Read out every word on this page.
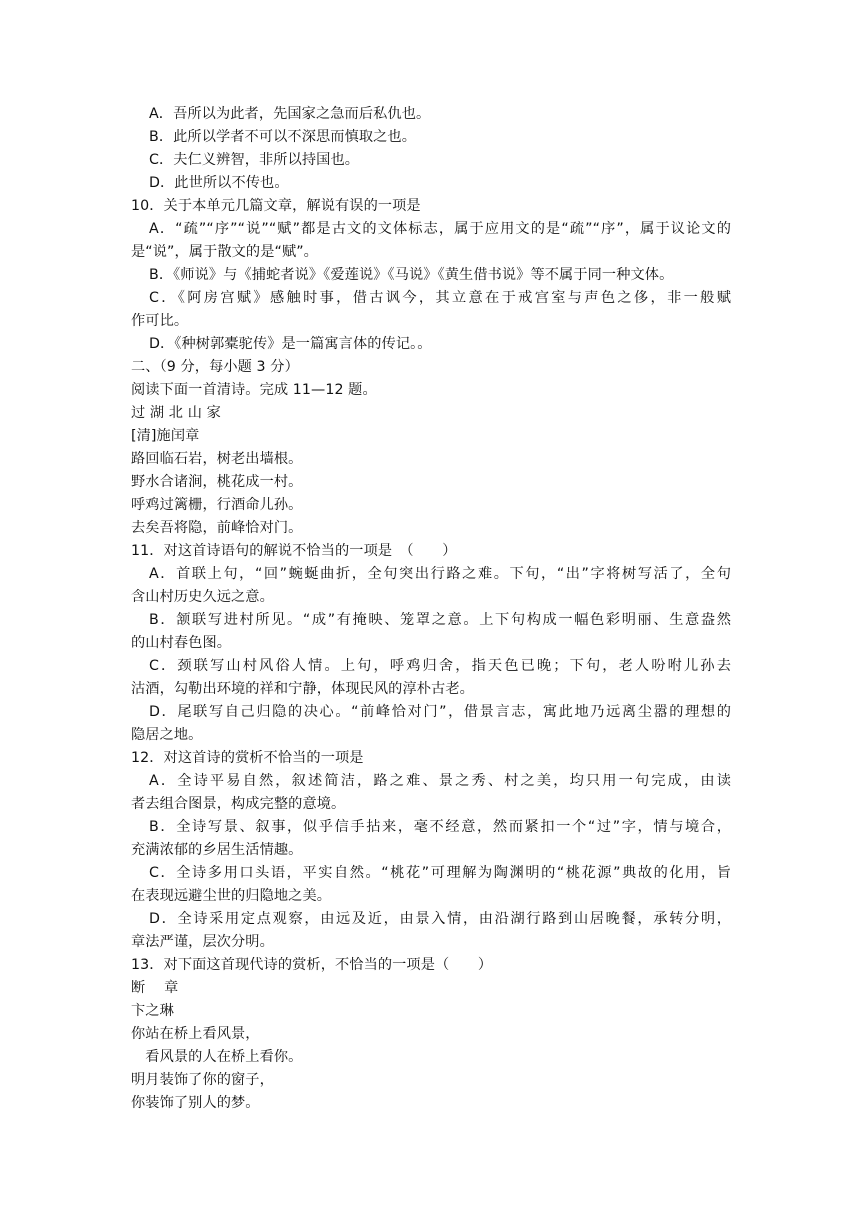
A．吾所以为此者，先国家之急而后私仇也。
B．此所以学者不可以不深思而慎取之也。
C．夫仁义辨智，非所以持国也。
D．此世所以不传也。
10．关于本单元几篇文章，解说有误的一项是
A．“疏”“序”“说”“赋”都是古文的文体标志，属于应用文的是“疏”“序”，属于议论文的
是“说”，属于散文的是“赋”。
B．《师说》与《捕蛇者说》《爱莲说》《马说》《黄生借书说》等不属于同一种文体。
C．《阿房宫赋》感触时事，借古讽今，其立意在于戒宫室与声色之侈，非一般赋
作可比。
D．《种树郭橐驼传》是一篇寓言体的传记。。
二、（9 分，每小题 3 分）
阅读下面一首清诗。完成 11—12 题。
过 湖 北 山 家
[清]施闰章
路回临石岩，树老出墙根。
野水合诸涧，桃花成一村。
呼鸡过篱栅，行酒命儿孙。
去矣吾将隐，前峰恰对门。
11．对这首诗语句的解说不恰当的一项是　（　　）
A．首联上句，“回”蜿蜒曲折，全句突出行路之难。下句，“出”字将树写活了，全句
含山村历史久远之意。
B．颔联写进村所见。“成”有掩映、笼罩之意。上下句构成一幅色彩明丽、生意盎然
的山村春色图。
C．颈联写山村风俗人情。上句，呼鸡归舍，指天色已晚；下句，老人吩咐儿孙去
沽酒，勾勒出环境的祥和宁静，体现民风的淳朴古老。
D．尾联写自己归隐的决心。“前峰恰对门”，借景言志，寓此地乃远离尘嚣的理想的
隐居之地。
12．对这首诗的赏析不恰当的一项是
A．全诗平易自然，叙述简洁，路之难、景之秀、村之美，均只用一句完成，由读
者去组合图景，构成完整的意境。
B．全诗写景、叙事，似乎信手拈来，毫不经意，然而紧扣一个“过”字，情与境合，
充满浓郁的乡居生活情趣。
C．全诗多用口头语，平实自然。“桃花”可理解为陶渊明的“桃花源”典故的化用，旨
在表现远避尘世的归隐地之美。
D．全诗采用定点观察，由远及近，由景入情，由沿湖行路到山居晚餐，承转分明，
章法严谨，层次分明。
13．对下面这首现代诗的赏析，不恰当的一项是（　　）
断　 章
卞之琳
你站在桥上看风景，
　看风景的人在桥上看你。
明月装饰了你的窗子，
你装饰了别人的梦。
